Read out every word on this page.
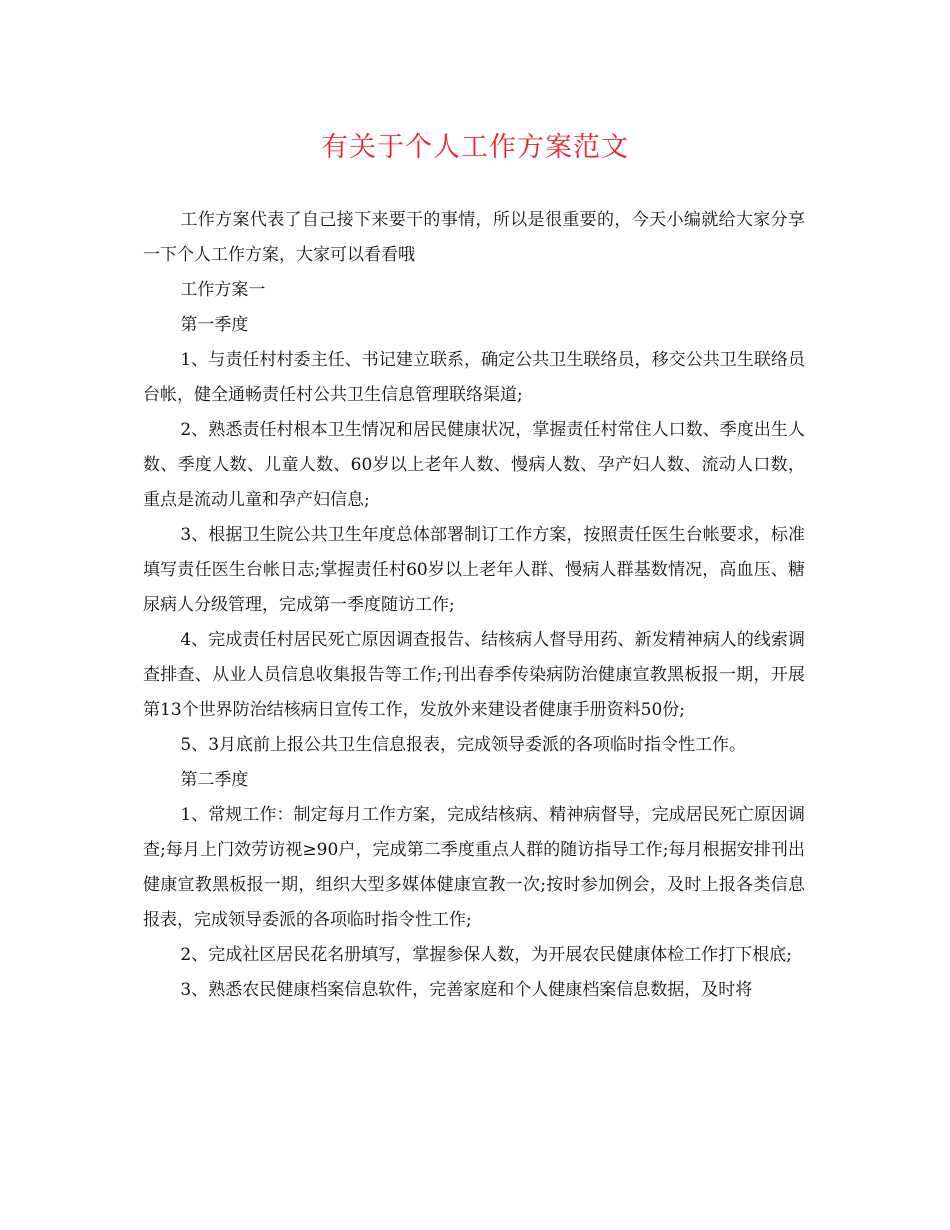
有关于个人工作方案范文

工作方案代表了自己接下来要干的事情，所以是很重要的，今天小编就给大家分享一下个人工作方案，大家可以看看哦

工作方案一

第一季度

1、与责任村村委主任、书记建立联系，确定公共卫生联络员，移交公共卫生联络员台帐，健全通畅责任村公共卫生信息管理联络渠道;

2、熟悉责任村根本卫生情况和居民健康状况，掌握责任村常住人口数、季度出生人数、季度人数、儿童人数、60岁以上老年人数、慢病人数、孕产妇人数、流动人口数，重点是流动儿童和孕产妇信息;

3、根据卫生院公共卫生年度总体部署制订工作方案，按照责任医生台帐要求，标准填写责任医生台帐日志;掌握责任村60岁以上老年人群、慢病人群基数情况，高血压、糖尿病人分级管理，完成第一季度随访工作;

4、完成责任村居民死亡原因调查报告、结核病人督导用药、新发精神病人的线索调查排查、从业人员信息收集报告等工作;刊出春季传染病防治健康宣教黑板报一期，开展第13个世界防治结核病日宣传工作，发放外来建设者健康手册资料50份;

5、3月底前上报公共卫生信息报表，完成领导委派的各项临时指令性工作。

第二季度

1、常规工作：制定每月工作方案，完成结核病、精神病督导，完成居民死亡原因调查;每月上门效劳访视≥90户，完成第二季度重点人群的随访指导工作;每月根据安排刊出健康宣教黑板报一期，组织大型多媒体健康宣教一次;按时参加例会，及时上报各类信息报表，完成领导委派的各项临时指令性工作;

2、完成社区居民花名册填写，掌握参保人数，为开展农民健康体检工作打下根底;

3、熟悉农民健康档案信息软件，完善家庭和个人健康档案信息数据，及时将
